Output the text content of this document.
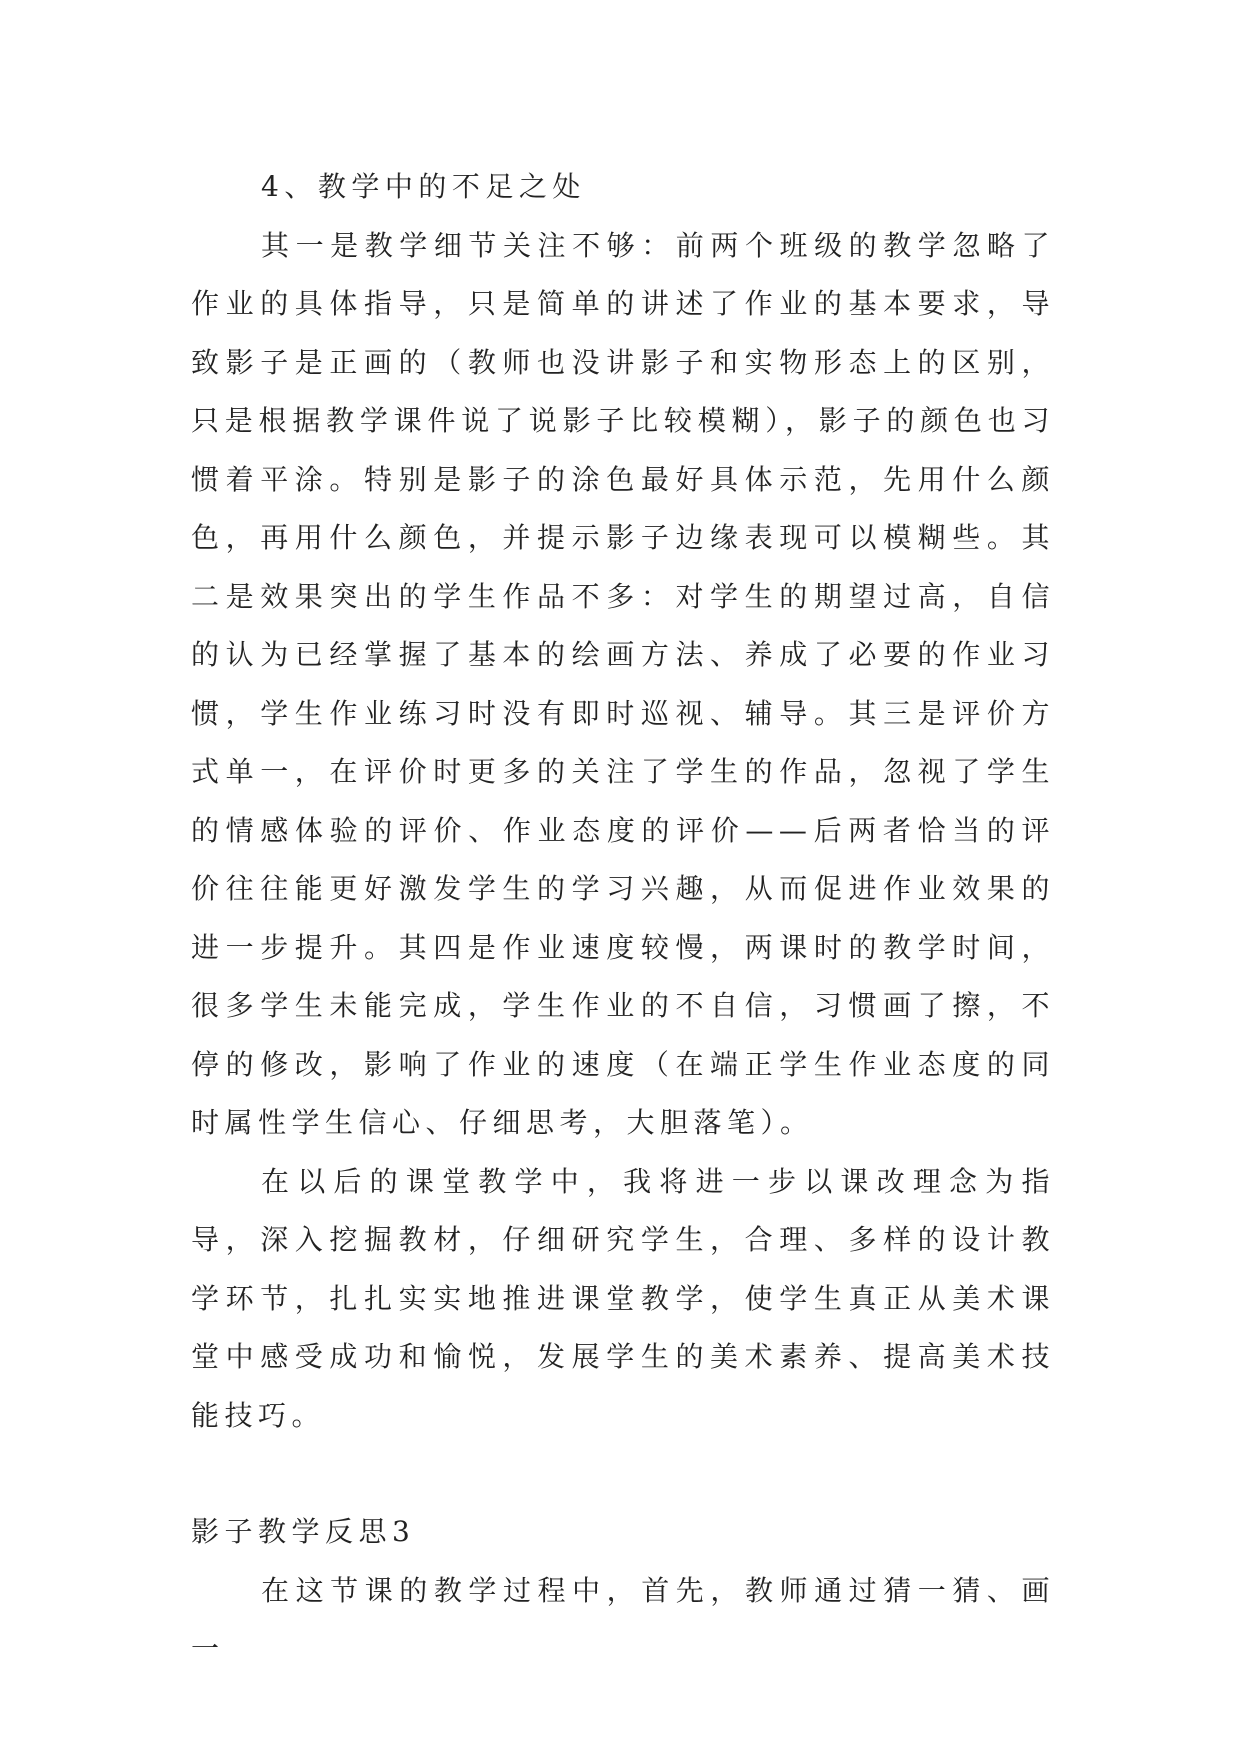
4、教学中的不足之处

其一是教学细节关注不够：前两个班级的教学忽略了作业的具体指导，只是简单的讲述了作业的基本要求，导致影子是正画的（教师也没讲影子和实物形态上的区别，只是根据教学课件说了说影子比较模糊），影子的颜色也习惯着平涂。特别是影子的涂色最好具体示范，先用什么颜色，再用什么颜色，并提示影子边缘表现可以模糊些。其二是效果突出的学生作品不多：对学生的期望过高，自信的认为已经掌握了基本的绘画方法、养成了必要的作业习惯，学生作业练习时没有即时巡视、辅导。其三是评价方式单一，在评价时更多的关注了学生的作品，忽视了学生的情感体验的评价、作业态度的评价——后两者恰当的评价往往能更好激发学生的学习兴趣，从而促进作业效果的进一步提升。其四是作业速度较慢，两课时的教学时间，很多学生未能完成，学生作业的不自信，习惯画了擦，不停的修改，影响了作业的速度（在端正学生作业态度的同时属性学生信心、仔细思考，大胆落笔）。

在以后的课堂教学中，我将进一步以课改理念为指导，深入挖掘教材，仔细研究学生，合理、多样的设计教学环节，扎扎实实地推进课堂教学，使学生真正从美术课堂中感受成功和愉悦，发展学生的美术素养、提高美术技能技巧。

影子教学反思3

在这节课的教学过程中，首先，教师通过猜一猜、画一
